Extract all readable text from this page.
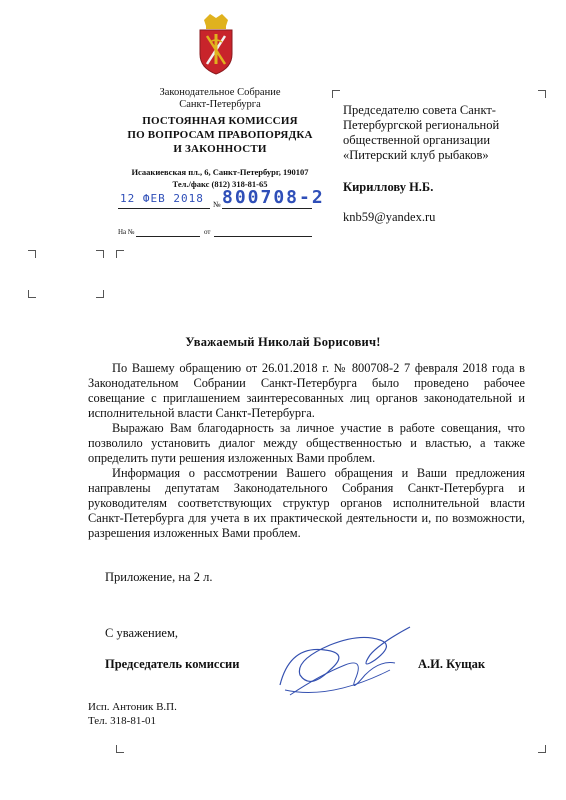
Законодательное Собрание
Санкт-Петербурга
ПОСТОЯННАЯ КОМИССИЯ
ПО ВОПРОСАМ ПРАВОПОРЯДКА
И ЗАКОННОСТИ
Исаакиевская пл., 6, Санкт-Петербург, 190107
Тел./факс (812) 318-81-65
12 ФЕВ 2018 № 800708-2
На №	от
Председателю совета Санкт-
Петербургской региональной
общественной организации
«Питерский клуб рыбаков»
Кириллову Н.Б.
knb59@yandex.ru
Уважаемый Николай Борисович!

По Вашему обращению от 26.01.2018 г. № 800708-2 7 февраля 2018 года в Законодательном Собрании Санкт-Петербурга было проведено рабочее совещание с приглашением заинтересованных лиц органов законодательной и исполнительной власти Санкт-Петербурга.

Выражаю Вам благодарность за личное участие в работе совещания, что позволило установить диалог между общественностью и властью, а также определить пути решения изложенных Вами проблем.

Информация о рассмотрении Вашего обращения и Ваши предложения направлены депутатам Законодательного Собрания Санкт-Петербурга и руководителям соответствующих структур органов исполнительной власти Санкт-Петербурга для учета в их практической деятельности и, по возможности, разрешения изложенных Вами проблем.

Приложение, на 2 л.
С уважением,
Председатель комиссии	А.И. Кущак
Исп. Антоник В.П.
Тел. 318-81-01
